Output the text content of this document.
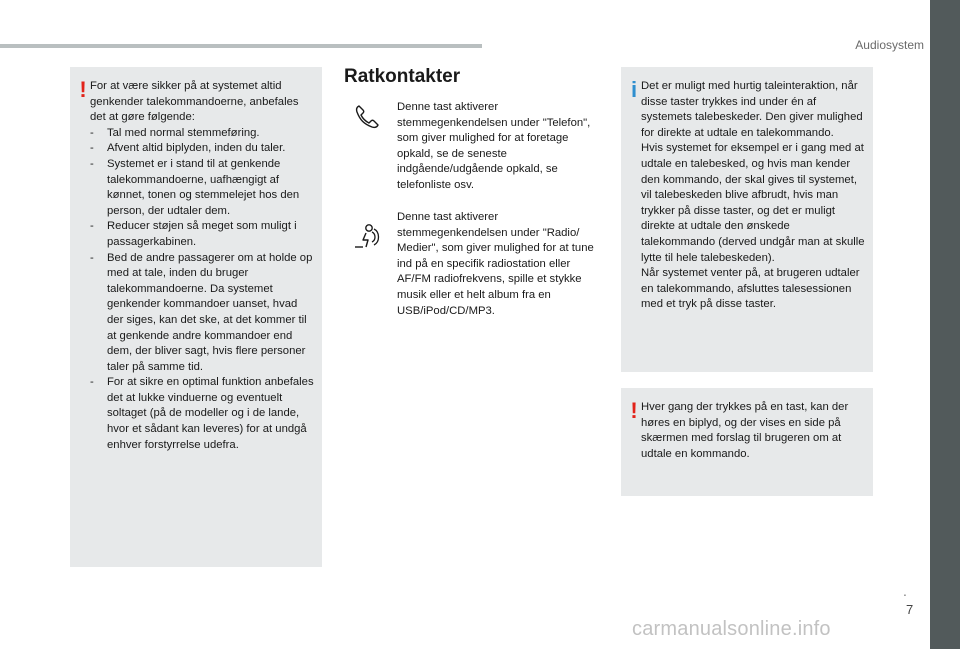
Audiosystem
! For at være sikker på at systemet altid genkender talekommandoerne, anbefales det at gøre følgende:

- Tal med normal stemmeføring.
- Afvent altid biplyden, inden du taler.
- Systemet er i stand til at genkende talekommandoerne, uafhængigt af kønnet, tonen og stemmelejet hos den person, der udtaler dem.
- Reducer støjen så meget som muligt i passagerkabinen.
- Bed de andre passagerer om at holde op med at tale, inden du bruger talekommandoerne. Da systemet genkender kommandoer uanset, hvad der siges, kan det ske, at det kommer til at genkende andre kommandoer end dem, der bliver sagt, hvis flere personer taler på samme tid.
- For at sikre en optimal funktion anbefales det at lukke vinduerne og eventuelt soltaget (på de modeller og i de lande, hvor et sådant kan leveres) for at undgå enhver forstyrrelse udefra.
Ratkontakter
Denne tast aktiverer stemmegenkendelsen under "Telefon", som giver mulighed for at foretage opkald, se de seneste indgående/udgående opkald, se telefonliste osv.
Denne tast aktiverer stemmegenkendelsen under "Radio/ Medier", som giver mulighed for at tune ind på en specifik radiostation eller AF/FM radiofrekvens, spille et stykke musik eller et helt album fra en USB/iPod/CD/MP3.
i Det er muligt med hurtig taleinteraktion, når disse taster trykkes ind under én af systemets talebeskeder. Den giver mulighed for direkte at udtale en talekommando.

Hvis systemet for eksempel er i gang med at udtale en talebesked, og hvis man kender den kommando, der skal gives til systemet, vil talebeskeden blive afbrudt, hvis man trykker på disse taster, og det er muligt direkte at udtale den ønskede talekommando (derved undgår man at skulle lytte til hele talebeskeden).

Når systemet venter på, at brugeren udtaler en talekommando, afsluttes talesessionen med et tryk på disse taster.

! Hver gang der trykkes på en tast, kan der høres en biplyd, og der vises en side på skærmen med forslag til brugeren om at udtale en kommando.
.
7
carmanualsonline.info
